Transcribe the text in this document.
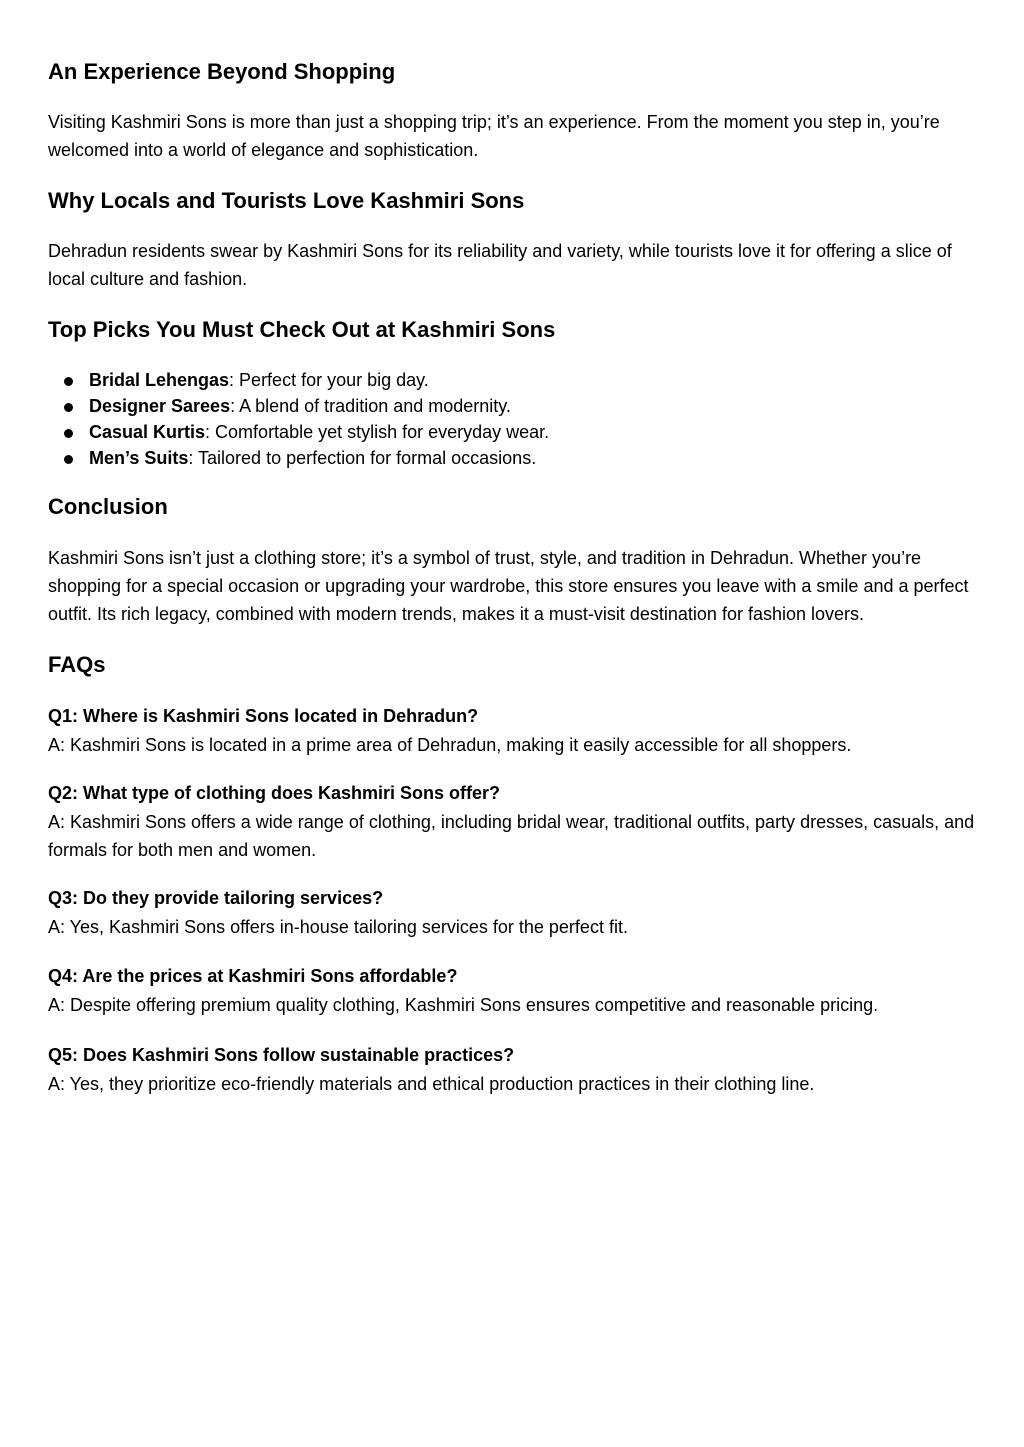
An Experience Beyond Shopping

Visiting Kashmiri Sons is more than just a shopping trip; it’s an experience. From the moment you step in, you’re welcomed into a world of elegance and sophistication.

Why Locals and Tourists Love Kashmiri Sons

Dehradun residents swear by Kashmiri Sons for its reliability and variety, while tourists love it for offering a slice of local culture and fashion.

Top Picks You Must Check Out at Kashmiri Sons
Bridal Lehengas: Perfect for your big day.
Designer Sarees: A blend of tradition and modernity.
Casual Kurtis: Comfortable yet stylish for everyday wear.
Men’s Suits: Tailored to perfection for formal occasions.
Conclusion

Kashmiri Sons isn’t just a clothing store; it’s a symbol of trust, style, and tradition in Dehradun. Whether you’re shopping for a special occasion or upgrading your wardrobe, this store ensures you leave with a smile and a perfect outfit. Its rich legacy, combined with modern trends, makes it a must-visit destination for fashion lovers.

FAQs

Q1: Where is Kashmiri Sons located in Dehradun?

A: Kashmiri Sons is located in a prime area of Dehradun, making it easily accessible for all shoppers.

Q2: What type of clothing does Kashmiri Sons offer?

A: Kashmiri Sons offers a wide range of clothing, including bridal wear, traditional outfits, party dresses, casuals, and formals for both men and women.

Q3: Do they provide tailoring services?

A: Yes, Kashmiri Sons offers in-house tailoring services for the perfect fit.

Q4: Are the prices at Kashmiri Sons affordable?

A: Despite offering premium quality clothing, Kashmiri Sons ensures competitive and reasonable pricing.

Q5: Does Kashmiri Sons follow sustainable practices?

A: Yes, they prioritize eco-friendly materials and ethical production practices in their clothing line.
